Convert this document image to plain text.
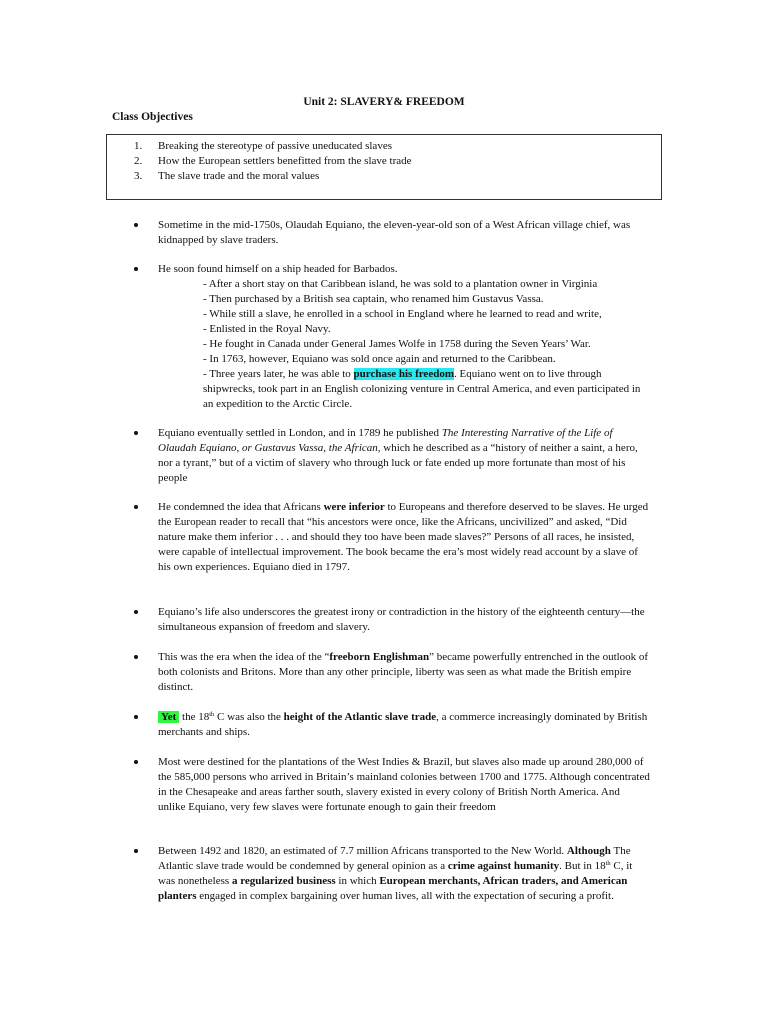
Unit 2: SLAVERY& FREEDOM
Class Objectives
1.	Breaking the stereotype of passive uneducated slaves
2.	How the European settlers benefitted from the slave trade
3.	The slave trade and the moral values
Sometime in the mid-1750s, Olaudah Equiano, the eleven-year-old son of a West African village chief, was kidnapped by slave traders.
He soon found himself on a ship headed for Barbados.
- After a short stay on that Caribbean island, he was sold to a plantation owner in Virginia
- Then purchased by a British sea captain, who renamed him Gustavus Vassa.
- While still a slave, he enrolled in a school in England where he learned to read and write,
- Enlisted in the Royal Navy.
- He fought in Canada under General James Wolfe in 1758 during the Seven Years’ War.
- In 1763, however, Equiano was sold once again and returned to the Caribbean.
- Three years later, he was able to purchase his freedom. Equiano went on to live through shipwrecks, took part in an English colonizing venture in Central America, and even participated in an expedition to the Arctic Circle.
Equiano eventually settled in London, and in 1789 he published The Interesting Narrative of the Life of Olaudah Equiano, or Gustavus Vassa, the African, which he described as a “history of neither a saint, a hero, nor a tyrant,” but of a victim of slavery who through luck or fate ended up more fortunate than most of his people
He condemned the idea that Africans were inferior to Europeans and therefore deserved to be slaves. He urged the European reader to recall that “his ancestors were once, like the Africans, uncivilized” and asked, “Did nature make them inferior . . . and should they too have been made slaves?” Persons of all races, he insisted, were capable of intellectual improvement. The book became the era’s most widely read account by a slave of his own experiences. Equiano died in 1797.
Equiano’s life also underscores the greatest irony or contradiction in the history of the eighteenth century—the simultaneous expansion of freedom and slavery.
This was the era when the idea of the “freeborn Englishman” became powerfully entrenched in the outlook of both colonists and Britons. More than any other principle, liberty was seen as what made the British empire distinct.
Yet the 18th C was also the height of the Atlantic slave trade, a commerce increasingly dominated by British merchants and ships.
Most were destined for the plantations of the West Indies & Brazil, but slaves also made up around 280,000 of the 585,000 persons who arrived in Britain’s mainland colonies between 1700 and 1775. Although concentrated in the Chesapeake and areas farther south, slavery existed in every colony of British North America. And unlike Equiano, very few slaves were fortunate enough to gain their freedom
Between 1492 and 1820, an estimated of 7.7 million Africans transported to the New World. Although The Atlantic slave trade would be condemned by general opinion as a crime against humanity. But in 18th C, it was nonetheless a regularized business in which European merchants, African traders, and American planters engaged in complex bargaining over human lives, all with the expectation of securing a profit.
